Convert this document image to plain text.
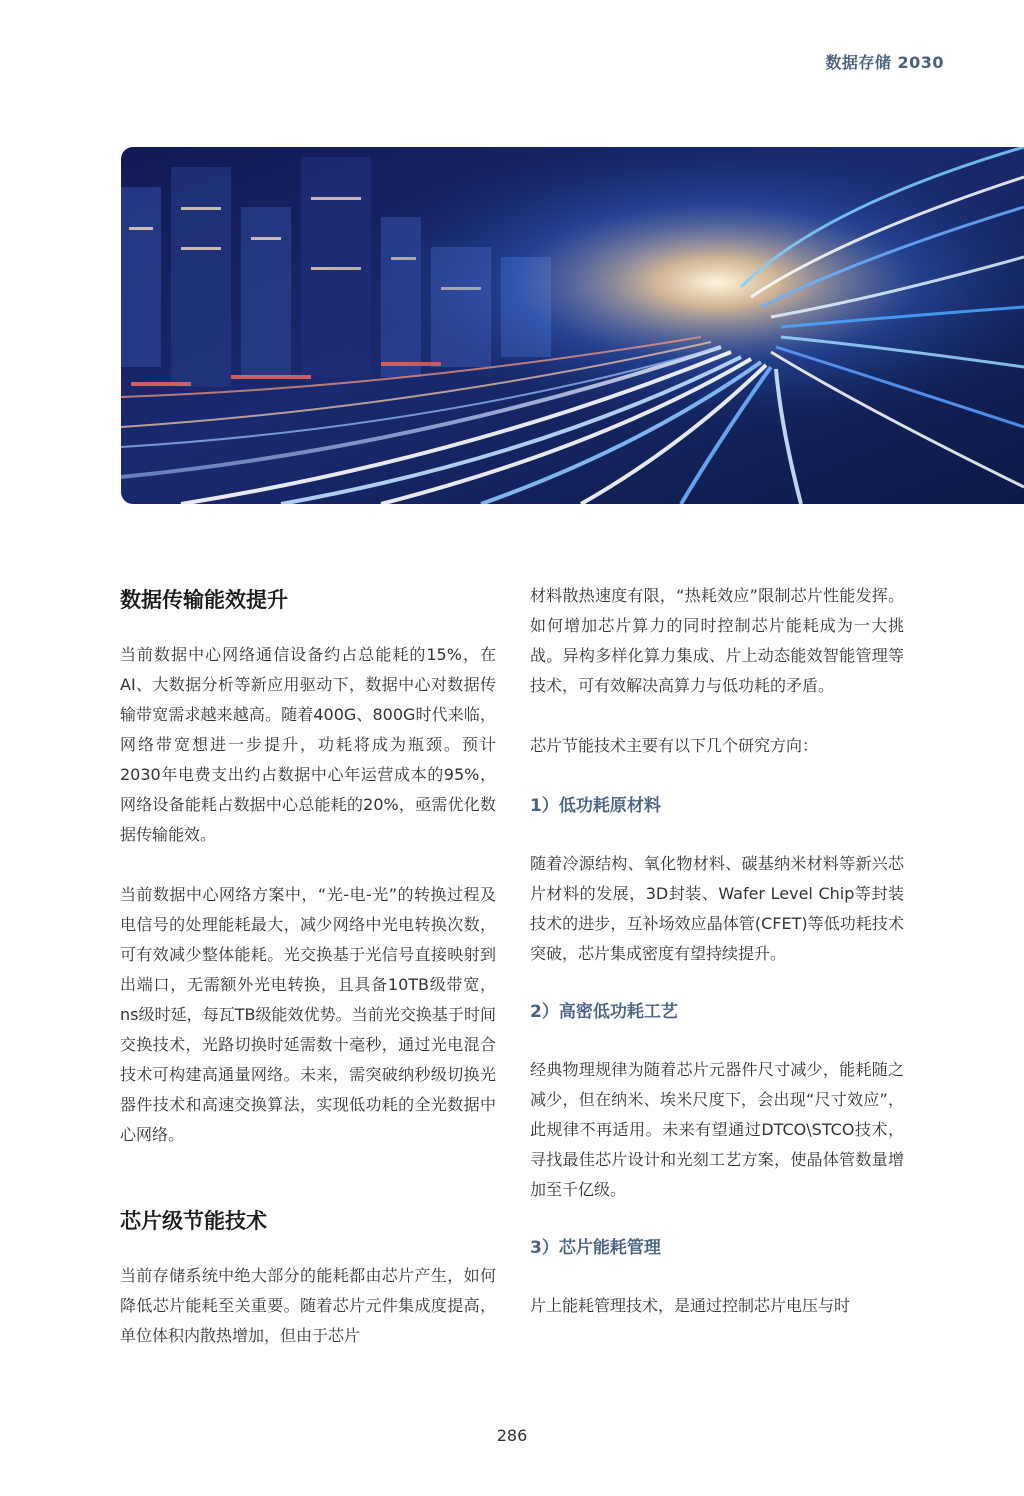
数据存储 2030
数据传输能效提升

当前数据中心网络通信设备约占总能耗的15%，在AI、大数据分析等新应用驱动下，数据中心对数据传输带宽需求越来越高。随着400G、800G时代来临，网络带宽想进一步提升，功耗将成为瓶颈。预计2030年电费支出约占数据中心年运营成本的95%，网络设备能耗占数据中心总能耗的20%，亟需优化数据传输能效。

当前数据中心网络方案中，“光-电-光”的转换过程及电信号的处理能耗最大，减少网络中光电转换次数，可有效减少整体能耗。光交换基于光信号直接映射到出端口，无需额外光电转换，且具备10TB级带宽，ns级时延，每瓦TB级能效优势。当前光交换基于时间交换技术，光路切换时延需数十毫秒，通过光电混合技术可构建高通量网络。未来，需突破纳秒级切换光器件技术和高速交换算法，实现低功耗的全光数据中心网络。

芯片级节能技术

当前存储系统中绝大部分的能耗都由芯片产生，如何降低芯片能耗至关重要。随着芯片元件集成度提高，单位体积内散热增加，但由于芯片

材料散热速度有限，“热耗效应”限制芯片性能发挥。如何增加芯片算力的同时控制芯片能耗成为一大挑战。异构多样化算力集成、片上动态能效智能管理等技术，可有效解决高算力与低功耗的矛盾。

芯片节能技术主要有以下几个研究方向：

1）低功耗原材料

随着冷源结构、氧化物材料、碳基纳米材料等新兴芯片材料的发展，3D封装、Wafer Level Chip等封装技术的进步，互补场效应晶体管(CFET)等低功耗技术突破，芯片集成密度有望持续提升。

2）高密低功耗工艺

经典物理规律为随着芯片元器件尺寸减少，能耗随之减少，但在纳米、埃米尺度下，会出现“尺寸效应”，此规律不再适用。未来有望通过DTCO\STCO技术，寻找最佳芯片设计和光刻工艺方案，使晶体管数量增加至千亿级。

3）芯片能耗管理

片上能耗管理技术，是通过控制芯片电压与时

286
